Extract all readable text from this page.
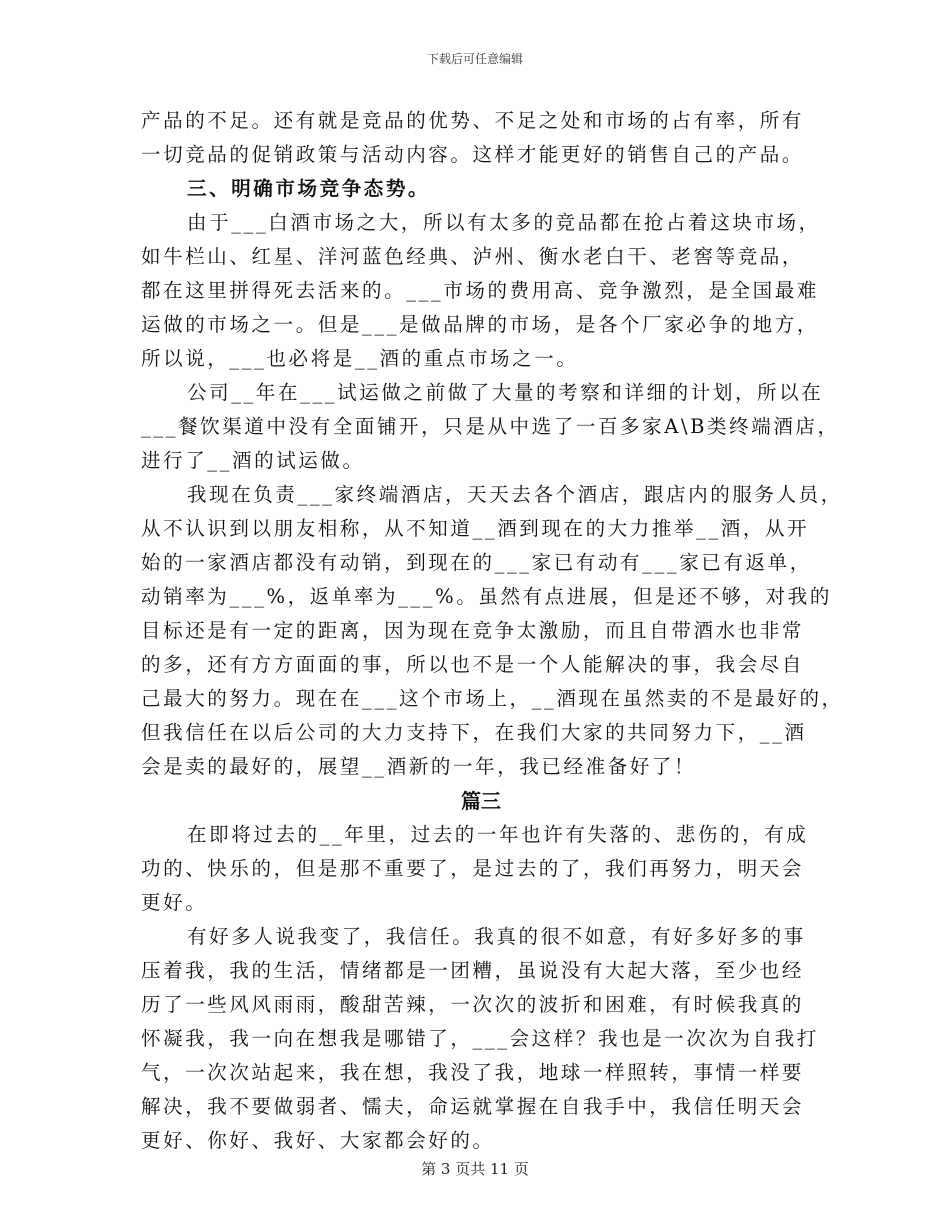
下载后可任意编辑
产品的不足。还有就是竞品的优势、不足之处和市场的占有率，所有
一切竞品的促销政策与活动内容。这样才能更好的销售自己的产品。
三、明确市场竞争态势。
由于___白酒市场之大，所以有太多的竞品都在抢占着这块市场，
如牛栏山、红星、洋河蓝色经典、泸州、衡水老白干、老窖等竞品，
都在这里拼得死去活来的。___市场的费用高、竞争激烈，是全国最难
运做的市场之一。但是___是做品牌的市场，是各个厂家必争的地方，
所以说，___也必将是__酒的重点市场之一。
公司__年在___试运做之前做了大量的考察和详细的计划，所以在
___餐饮渠道中没有全面铺开，只是从中选了一百多家A\B类终端酒店，
进行了__酒的试运做。
我现在负责___家终端酒店，天天去各个酒店，跟店内的服务人员，
从不认识到以朋友相称，从不知道__酒到现在的大力推举__酒，从开
始的一家酒店都没有动销，到现在的___家已有动有___家已有返单，
动销率为___%，返单率为___%。虽然有点进展，但是还不够，对我的
目标还是有一定的距离，因为现在竞争太激励，而且自带酒水也非常
的多，还有方方面面的事，所以也不是一个人能解决的事，我会尽自
己最大的努力。现在在___这个市场上，__酒现在虽然卖的不是最好的，
但我信任在以后公司的大力支持下，在我们大家的共同努力下，__酒
会是卖的最好的，展望__酒新的一年，我已经准备好了！
篇三
在即将过去的__年里，过去的一年也许有失落的、悲伤的，有成
功的、快乐的，但是那不重要了，是过去的了，我们再努力，明天会
更好。
有好多人说我变了，我信任。我真的很不如意，有好多好多的事
压着我，我的生活，情绪都是一团糟，虽说没有大起大落，至少也经
历了一些风风雨雨，酸甜苦辣，一次次的波折和困难，有时候我真的
怀凝我，我一向在想我是哪错了，___会这样？我也是一次次为自我打
气，一次次站起来，我在想，我没了我，地球一样照转，事情一样要
解决，我不要做弱者、懦夫，命运就掌握在自我手中，我信任明天会
更好、你好、我好、大家都会好的。
第 3 页共 11 页
